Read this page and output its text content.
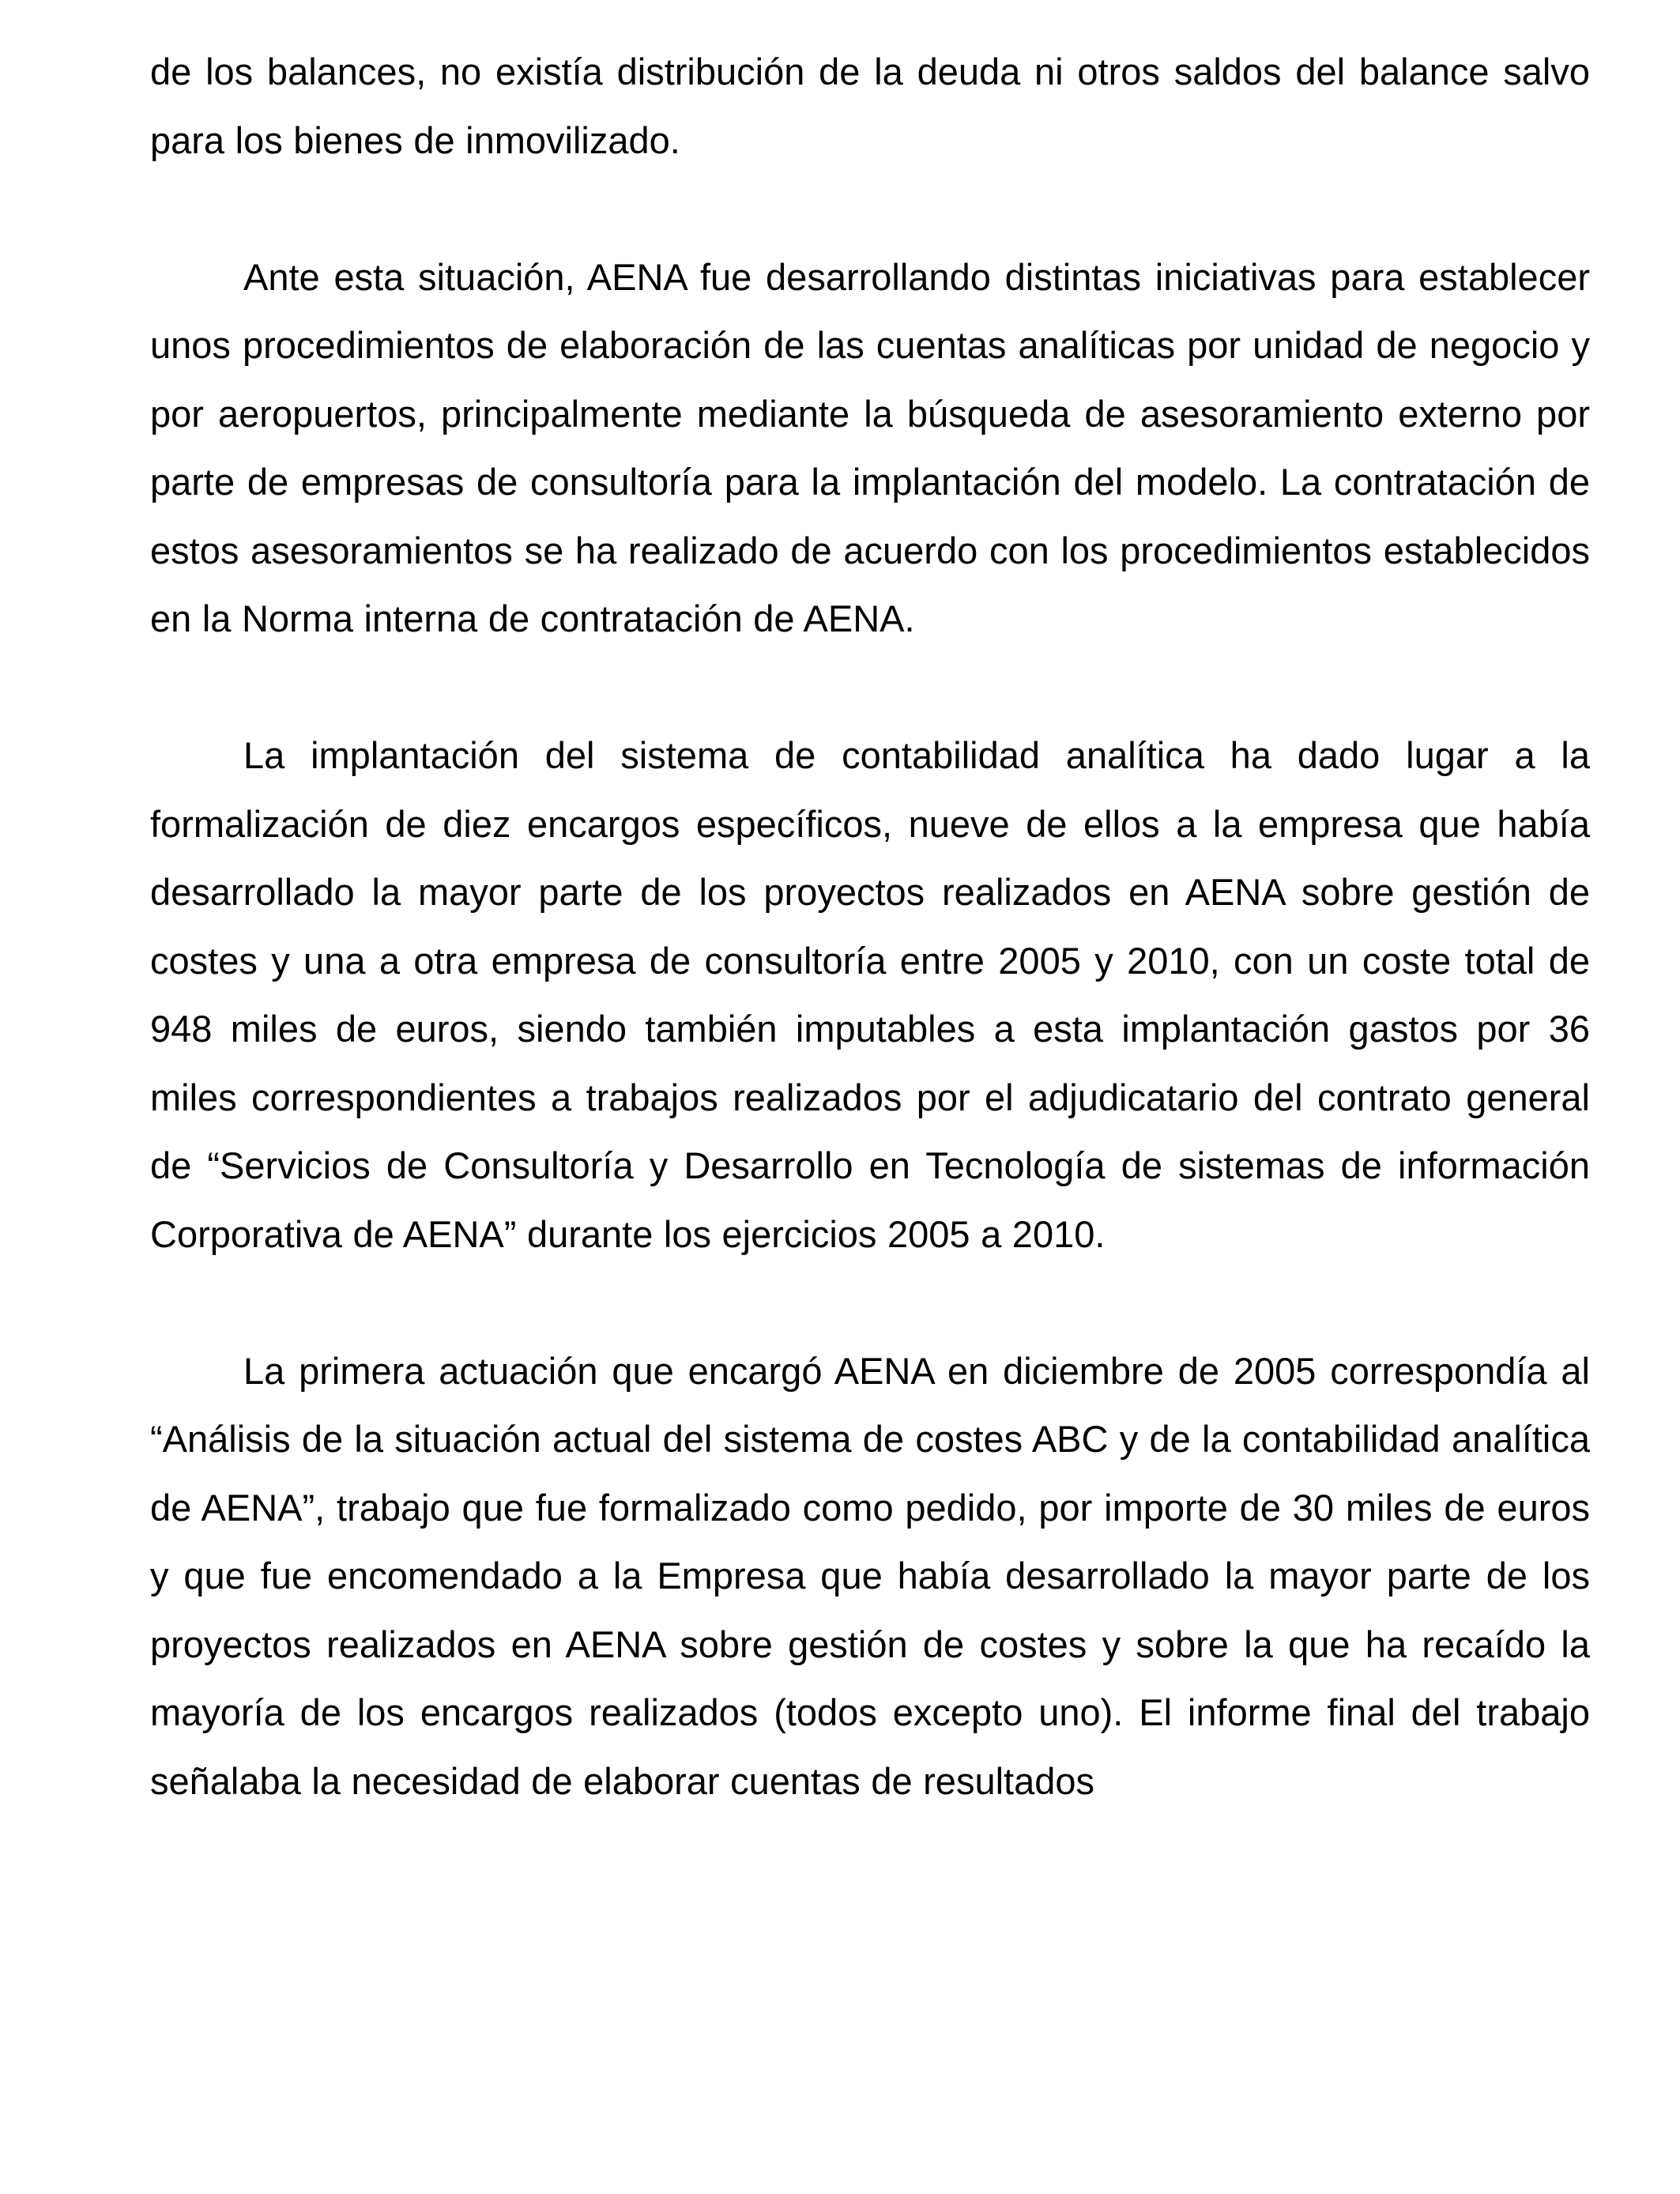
de los balances, no existía distribución de la deuda ni otros saldos del balance salvo para los bienes de inmovilizado.

Ante esta situación, AENA fue desarrollando distintas iniciativas para establecer unos procedimientos de elaboración de las cuentas analíticas por unidad de negocio y por aeropuertos, principalmente mediante la búsqueda de asesoramiento externo por parte de empresas de consultoría para la implantación del modelo. La contratación de estos asesoramientos se ha realizado de acuerdo con los procedimientos establecidos en la Norma interna de contratación de AENA.

La implantación del sistema de contabilidad analítica ha dado lugar a la formalización de diez encargos específicos, nueve de ellos a la empresa que había desarrollado la mayor parte de los proyectos realizados en AENA sobre gestión de costes y una a otra empresa de consultoría entre 2005 y 2010, con un coste total de 948 miles de euros, siendo también imputables a esta implantación gastos por 36 miles correspondientes a trabajos realizados por el adjudicatario del contrato general de “Servicios de Consultoría y Desarrollo en Tecnología de sistemas de información Corporativa de AENA” durante los ejercicios 2005 a 2010.

La primera actuación que encargó AENA en diciembre de 2005 correspondía al “Análisis de la situación actual del sistema de costes ABC y de la contabilidad analítica de AENA”, trabajo que fue formalizado como pedido, por importe de 30 miles de euros y que fue encomendado a la Empresa que había desarrollado la mayor parte de los proyectos realizados en AENA sobre gestión de costes y sobre la que ha recaído la mayoría de los encargos realizados (todos excepto uno). El informe final del trabajo señalaba la necesidad de elaborar cuentas de resultados
